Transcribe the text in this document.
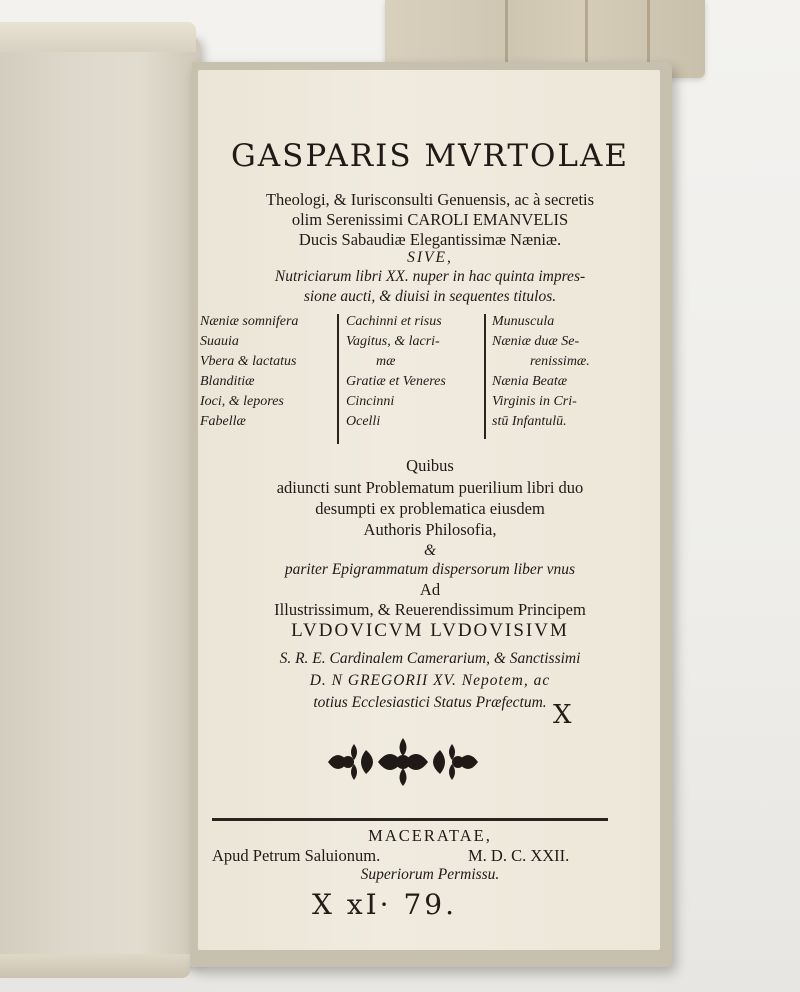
GASPARIS MVRTOLAE
Theologi, & Iurisconsulti Genuensis, ac à secretis
olim Serenissimi CAROLI EMANVELIS
Ducis Sabaudiæ Elegantissimæ Næniæ.
SIVE,
Nutriciarum libri XX. nuper in hac quinta impres-
sione aucti, & diuisi in sequentes titulos.
Næniæ somnifera
Suauia
Vbera & lactatus
Blanditiæ
Ioci, & lepores
Fabellæ
Cachinni et risus
Vagitus, & lacri-
mæ
Gratiæ et Veneres
Cincinni
Ocelli
Munuscula
Næniæ duæ Se-
renissimæ.
Nænia Beatæ
Virginis in Cri-
stū Infantulū.
Quibus
adiuncti sunt Problematum puerilium libri duo
desumpti ex problematica eiusdem
Authoris Philosofia,
&
pariter Epigrammatum dispersorum liber vnus
Ad
Illustrissimum, & Reuerendissimum Principem
LVDOVICVM LVDOVISIVM
S. R. E. Cardinalem Camerarium, & Sanctissimi
D. N GREGORII XV. Nepotem, ac
totius Ecclesiastici Status Præfectum. X
MACERATAE,
Apud Petrum Saluionum.	M. D. C. XXII.
Superiorum Permissu.
X xI· 79.
